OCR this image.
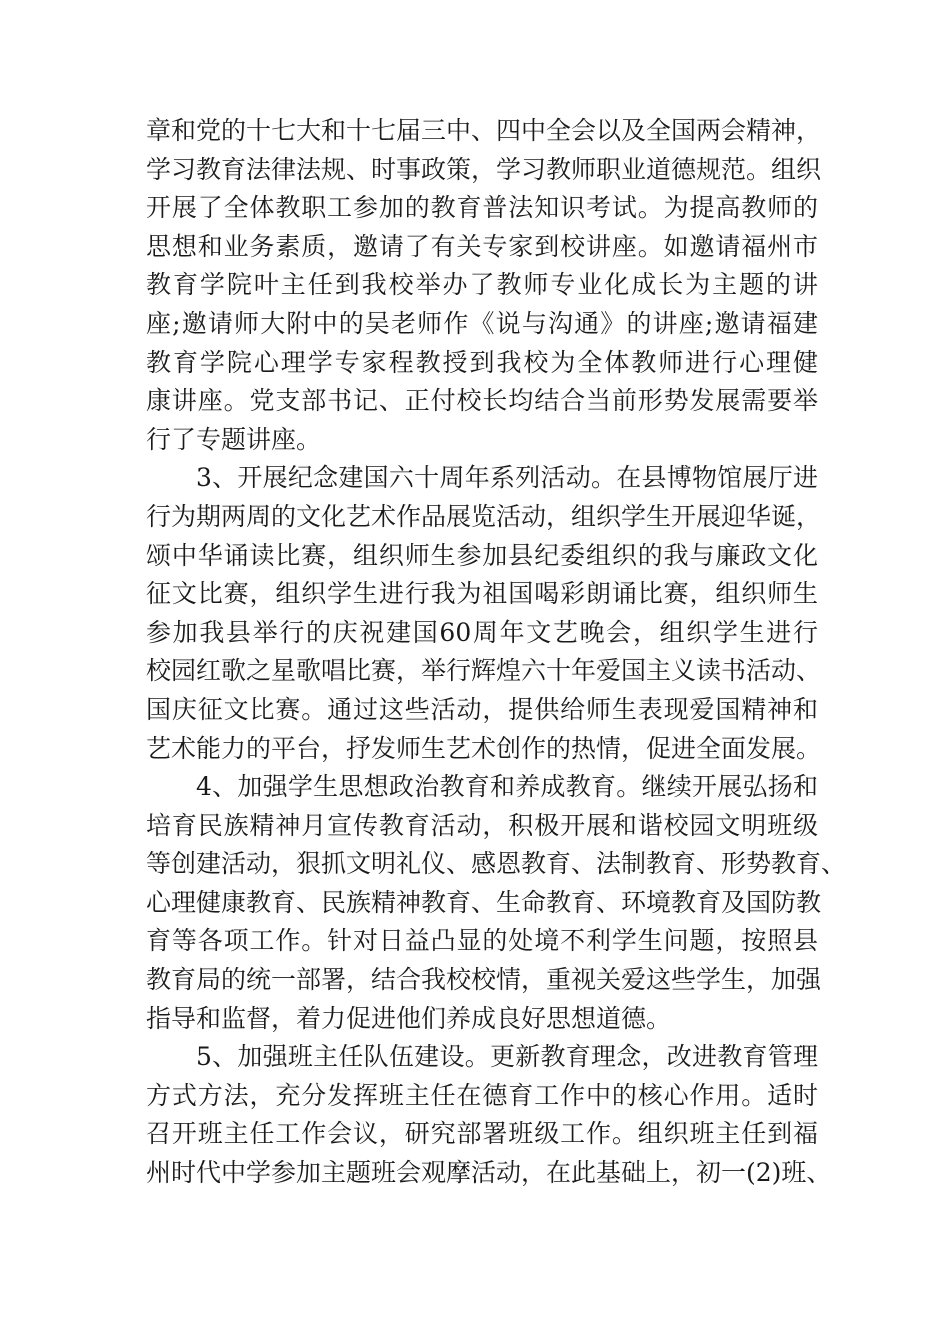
章和党的十七大和十七届三中、四中全会以及全国两会精神，
学习教育法律法规、时事政策，学习教师职业道德规范。组织
开展了全体教职工参加的教育普法知识考试。为提高教师的
思想和业务素质，邀请了有关专家到校讲座。如邀请福州市
教育学院叶主任到我校举办了教师专业化成长为主题的讲
座;邀请师大附中的吴老师作《说与沟通》的讲座;邀请福建
教育学院心理学专家程教授到我校为全体教师进行心理健
康讲座。党支部书记、正付校长均结合当前形势发展需要举
行了专题讲座。
3、开展纪念建国六十周年系列活动。在县博物馆展厅进
行为期两周的文化艺术作品展览活动，组织学生开展迎华诞，
颂中华诵读比赛，组织师生参加县纪委组织的我与廉政文化
征文比赛，组织学生进行我为祖国喝彩朗诵比赛，组织师生
参加我县举行的庆祝建国60周年文艺晚会，组织学生进行
校园红歌之星歌唱比赛，举行辉煌六十年爱国主义读书活动、
国庆征文比赛。通过这些活动，提供给师生表现爱国精神和
艺术能力的平台，抒发师生艺术创作的热情，促进全面发展。
4、加强学生思想政治教育和养成教育。继续开展弘扬和
培育民族精神月宣传教育活动，积极开展和谐校园文明班级
等创建活动，狠抓文明礼仪、感恩教育、法制教育、形势教育、
心理健康教育、民族精神教育、生命教育、环境教育及国防教
育等各项工作。针对日益凸显的处境不利学生问题，按照县
教育局的统一部署，结合我校校情，重视关爱这些学生，加强
指导和监督，着力促进他们养成良好思想道德。
5、加强班主任队伍建设。更新教育理念，改进教育管理
方式方法，充分发挥班主任在德育工作中的核心作用。适时
召开班主任工作会议，研究部署班级工作。组织班主任到福
州时代中学参加主题班会观摩活动，在此基础上，初一(2)班、
